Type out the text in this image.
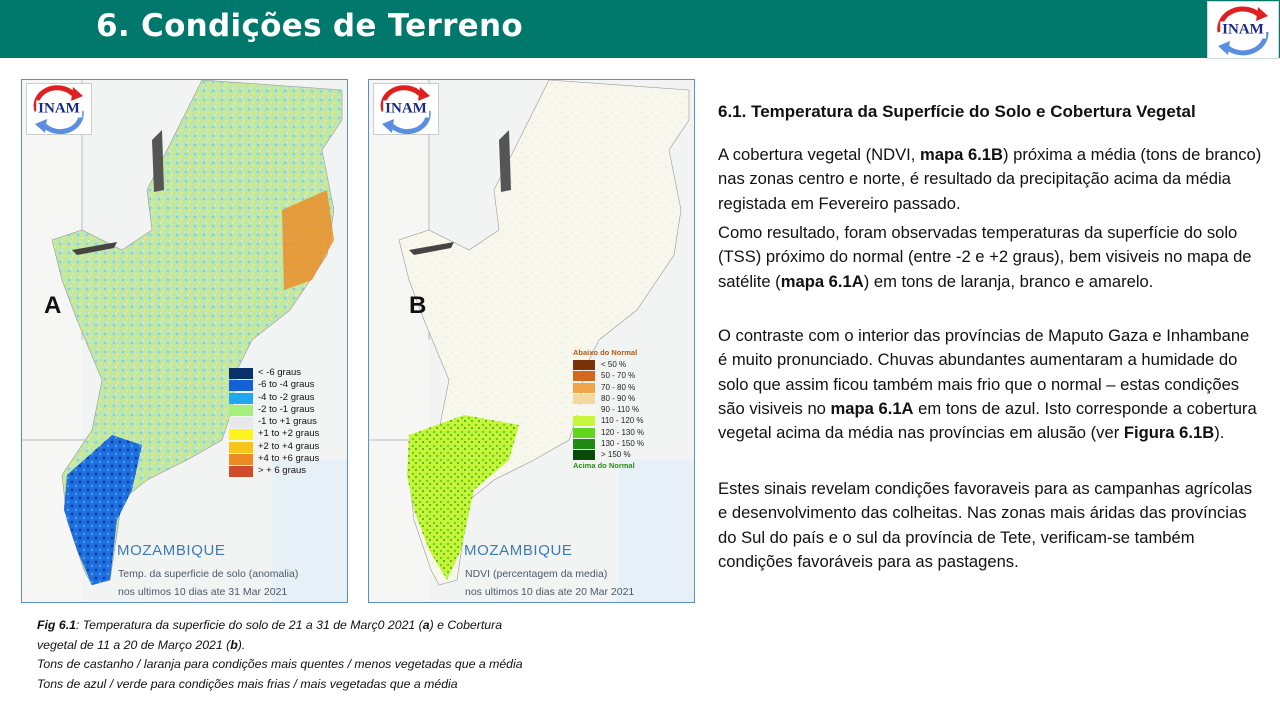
6. Condições de Terreno	INAM
INAM
A
< -6 graus
-6 to -4 graus
-4 to -2 graus
-2 to -1 graus
-1 to +1 graus
+1 to +2 graus
+2 to +4 graus
+4 to +6 graus
> + 6 graus
MOZAMBIQUE
Temp. da superficie de solo (anomalia)
nos ultimos 10 dias ate 31 Mar 2021
INAM
B
Abaixo do Normal
< 50 %
50 - 70 %
70 - 80 %
80 - 90 %
90 - 110 %
110 - 120 %
120 - 130 %
130 - 150 %
> 150 %
Acima do Normal
MOZAMBIQUE
NDVI (percentagem da media)
nos ultimos 10 dias ate 20 Mar 2021
Fig 6.1: Temperatura da superficie do solo de 21 a 31 de Març0 2021 (a) e Cobertura
vegetal de 11 a 20 de Março 2021 (b).
Tons de castanho / laranja para condições mais quentes / menos vegetadas que a média
Tons de azul / verde para condições mais frias / mais vegetadas que a média
6.1. Temperatura da Superfície do Solo e Cobertura Vegetal
A cobertura vegetal (NDVI, mapa 6.1B) próxima a média (tons de branco) nas zonas centro e norte, é resultado da precipitação acima da média registada em Fevereiro passado.
Como resultado, foram observadas temperaturas da superfície do solo (TSS) próximo do normal (entre -2 e +2 graus), bem visiveis no mapa de satélite (mapa 6.1A) em tons de laranja, branco e amarelo.
O contraste com o interior das províncias de Maputo Gaza e Inhambane é muito pronunciado. Chuvas abundantes aumentaram a humidade do solo que assim ficou também mais frio que o normal – estas condições são visiveis no mapa 6.1A em tons de azul. Isto corresponde a cobertura vegetal acima da média nas províncias em alusão (ver Figura 6.1B).
Estes sinais revelam condições favoraveis para as campanhas agrícolas e desenvolvimento das colheitas. Nas zonas mais áridas das províncias do Sul do país e o sul da província de Tete, verificam-se também condições favoráveis para as pastagens.
